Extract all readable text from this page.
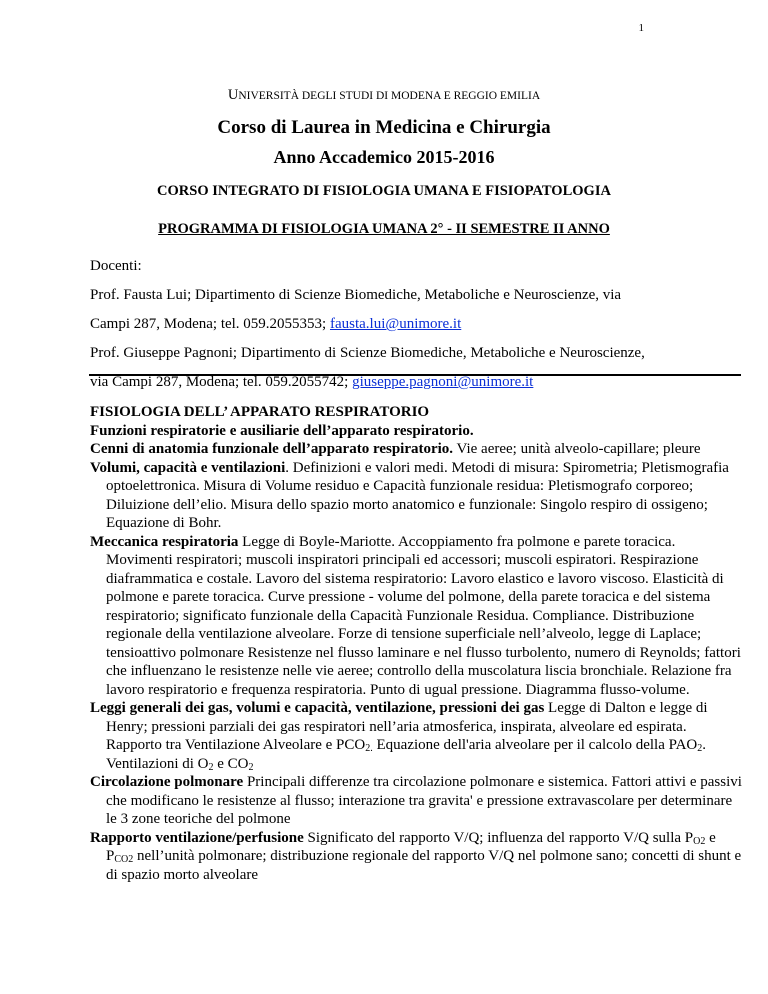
1
UNIVERSITÀ DEGLI STUDI DI MODENA E REGGIO EMILIA
Corso di Laurea in Medicina e Chirurgia
Anno Accademico 2015-2016
CORSO INTEGRATO DI FISIOLOGIA UMANA E FISIOPATOLOGIA
PROGRAMMA DI FISIOLOGIA UMANA 2° - II SEMESTRE II ANNO

Docenti:

Prof. Fausta Lui; Dipartimento di Scienze Biomediche, Metaboliche e Neuroscienze, via

Campi 287, Modena; tel. 059.2055353; fausta.lui@unimore.it

Prof. Giuseppe Pagnoni; Dipartimento di Scienze Biomediche, Metaboliche e Neuroscienze,

via Campi 287, Modena; tel. 059.2055742; giuseppe.pagnoni@unimore.it

FISIOLOGIA DELL’ APPARATO RESPIRATORIO

Funzioni respiratorie e ausiliarie dell’apparato respiratorio.

Cenni di anatomia funzionale dell’apparato respiratorio. Vie aeree; unità alveolo-capillare; pleure

Volumi, capacità e ventilazioni. Definizioni e valori medi. Metodi di misura: Spirometria; Pletismografia optoelettronica. Misura di Volume residuo e Capacità funzionale residua: Pletismografo corporeo; Diluizione dell’elio. Misura dello spazio morto anatomico e funzionale: Singolo respiro di ossigeno; Equazione di Bohr.

Meccanica respiratoria Legge di Boyle-Mariotte. Accoppiamento fra polmone e parete toracica. Movimenti respiratori; muscoli inspiratori principali ed accessori; muscoli espiratori. Respirazione diaframmatica e costale. Lavoro del sistema respiratorio: Lavoro elastico e lavoro viscoso. Elasticità di polmone e parete toracica. Curve pressione - volume del polmone, della parete toracica e del sistema respiratorio; significato funzionale della Capacità Funzionale Residua. Compliance. Distribuzione regionale della ventilazione alveolare. Forze di tensione superficiale nell’alveolo, legge di Laplace; tensioattivo polmonare Resistenze nel flusso laminare e nel flusso turbolento, numero di Reynolds; fattori che influenzano le resistenze nelle vie aeree; controllo della muscolatura liscia bronchiale. Relazione fra lavoro respiratorio e frequenza respiratoria. Punto di ugual pressione. Diagramma flusso-volume.

Leggi generali dei gas, volumi e capacità, ventilazione, pressioni dei gas Legge di Dalton e legge di Henry; pressioni parziali dei gas respiratori nell’aria atmosferica, inspirata, alveolare ed espirata. Rapporto tra Ventilazione Alveolare e $PCO_{2.}$ Equazione dell'aria alveolare per il calcolo della $PAO_2$. Ventilazioni di $O_2$ e $CO_2$

Circolazione polmonare Principali differenze tra circolazione polmonare e sistemica. Fattori attivi e passivi che modificano le resistenze al flusso; interazione tra gravita' e pressione extravascolare per determinare le 3 zone teoriche del polmone

Rapporto ventilazione/perfusione Significato del rapporto V/Q; influenza del rapporto V/Q sulla $P_{O2}$ e $P_{CO2}$ nell’unità polmonare; distribuzione regionale del rapporto V/Q nel polmone sano; concetti di shunt e di spazio morto alveolare
